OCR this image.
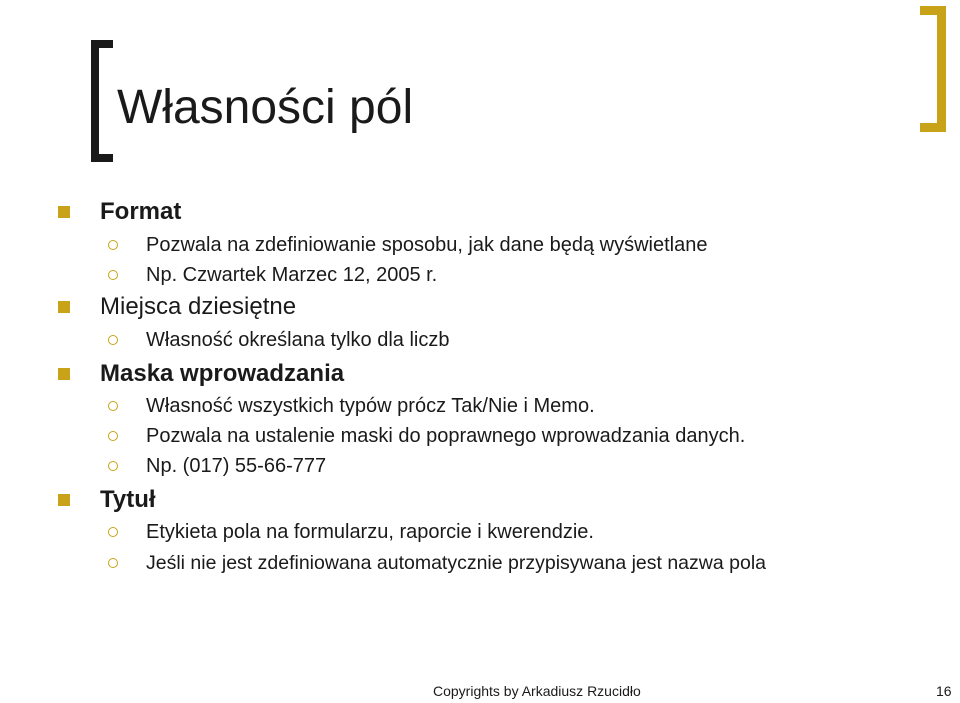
Własności pól
Format
Pozwala na zdefiniowanie sposobu, jak dane będą wyświetlane
Np. Czwartek Marzec 12, 2005 r.
Miejsca dziesiętne
Własność określana tylko dla liczb
Maska wprowadzania
Własność wszystkich typów prócz Tak/Nie i Memo.
Pozwala na ustalenie maski do poprawnego wprowadzania danych.
Np. (017) 55-66-777
Tytuł
Etykieta pola na formularzu, raporcie i kwerendzie.
Jeśli nie jest zdefiniowana automatycznie przypisywana jest nazwa pola
Copyrights by Arkadiusz Rzucidło	16
